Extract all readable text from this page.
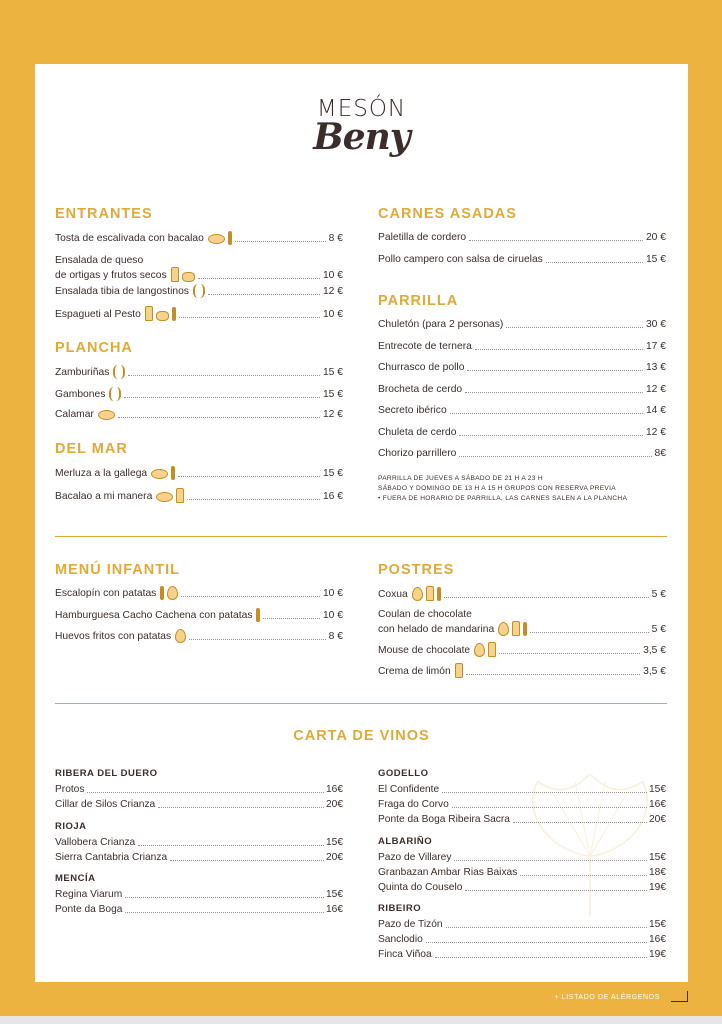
MESÓN
Beny
ENTRANTES
Tosta de escalivada con bacalao	8 €
Ensalada de queso
de ortigas y frutos secos	10 €
Ensalada tibia de langostinos	12 €
Espagueti al Pesto	10 €
PLANCHA
Zamburiñas	15 €
Gambones	15 €
Calamar	12 €
DEL MAR
Merluza a la gallega	15 €
Bacalao a mi manera	16 €
CARNES ASADAS
Paletilla de cordero	20 €
Pollo campero con salsa de ciruelas	15 €
PARRILLA
Chuletón (para 2 personas)	30 €
Entrecote de ternera	17 €
Churrasco de pollo	13 €
Brocheta de cerdo	12 €
Secreto ibérico	14 €
Chuleta de cerdo	12 €
Chorizo parrillero	8€
MENÚ INFANTIL
Escalopín con patatas	10 €
Hamburguesa Cacho Cachena con patatas	10 €
Huevos fritos con patatas	8 €
POSTRES
Coxua	5 €
Coulan de chocolate
con helado de mandarina	5 €
Mouse de chocolate	3,5 €
Crema de limón	3,5 €
PARRILLA DE JUEVES A SÁBADO DE 21 H A 23 H
SÁBADO Y DOMINGO DE 13 H A 15 H GRUPOS CON RESERVA PREVIA
• FUERA DE HORARIO DE PARRILLA, LAS CARNES SALEN A LA PLANCHA
CARTA DE VINOS
RIBERA DEL DUERO
Protos	16€
Cillar de Silos Crianza	20€
RIOJA
Vallobera Crianza	15€
Sierra Cantabria Crianza	20€
MENCÍA
Regina Viarum	15€
Ponte da Boga	16€
GODELLO
El Confidente	15€
Fraga do Corvo	16€
Ponte da Boga Ribeira Sacra	20€
ALBARIÑO
Pazo de Villarey	15€
Granbazan Ambar Rias Baixas	18€
Quinta do Couselo	19€
RIBEIRO
Pazo de Tizón	15€
Sanclodio	16€
Finca Viñoa	19€
+ LISTADO DE ALÉRGENOS
